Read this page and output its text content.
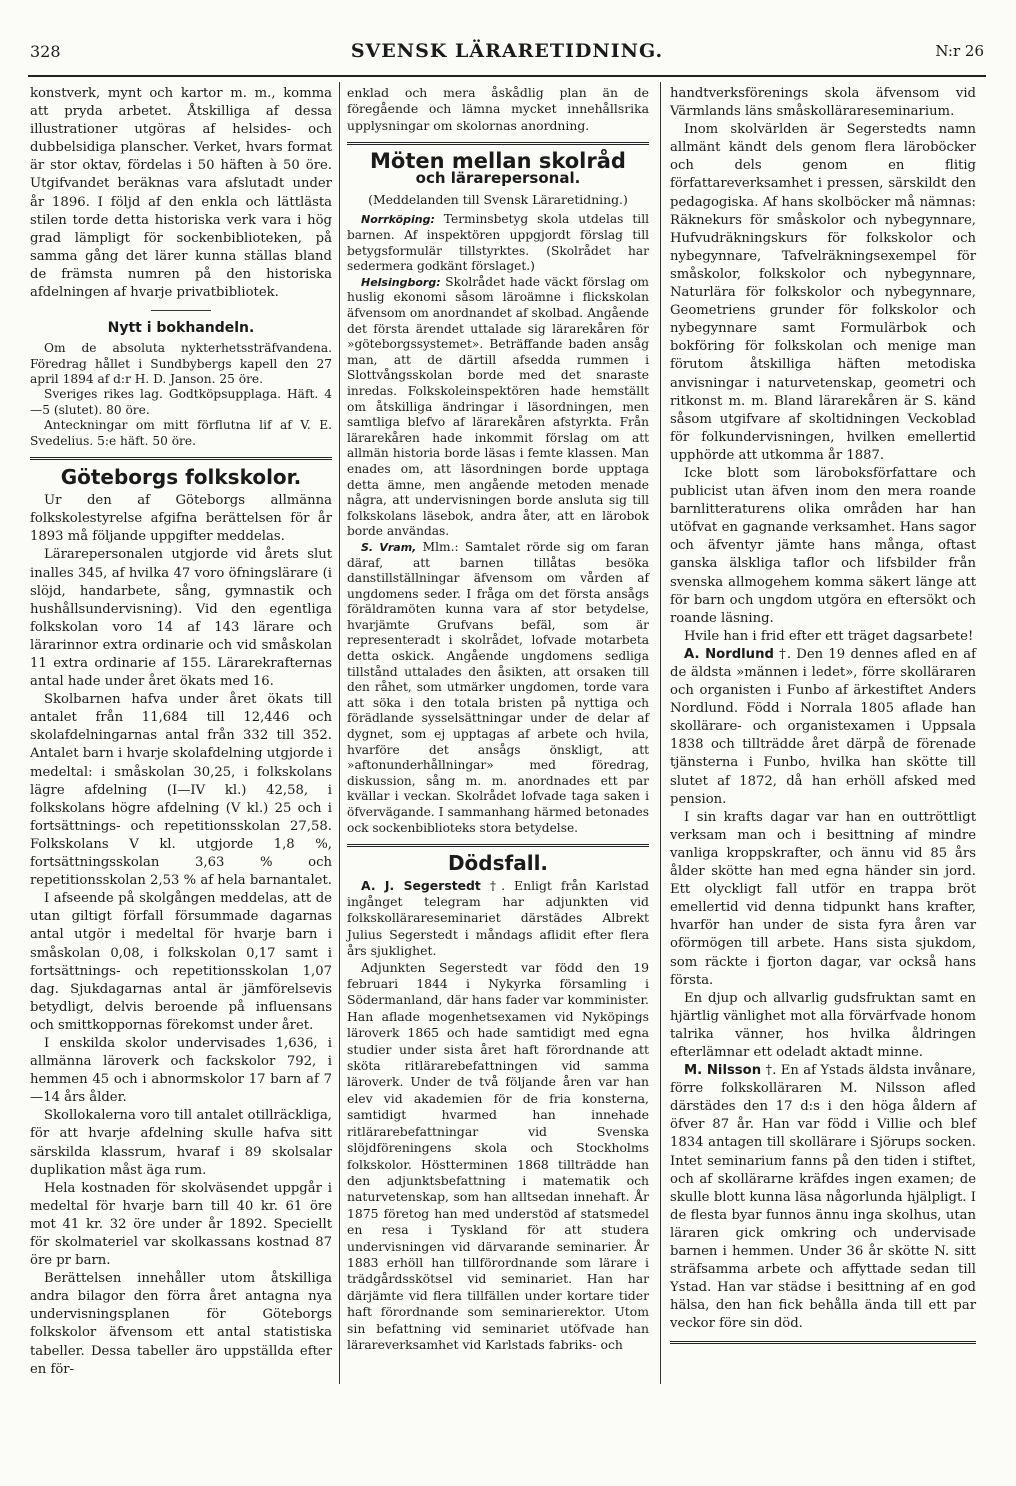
328	SVENSK LÄRARETIDNING.	N:r 26

konstverk, mynt och kartor m. m., komma att pryda arbetet. Åtskilliga af dessa illustrationer utgöras af helsides- och dubbelsidiga planscher. Verket, hvars format är stor oktav, fördelas i 50 häften à 50 öre. Utgifvandet beräknas vara afslutadt under år 1896. I följd af den enkla och lättlästa stilen torde detta historiska verk vara i hög grad lämpligt för sockenbiblioteken, på samma gång det lärer kunna ställas bland de främsta numren på den historiska afdelningen af hvarje privatbibliotek.

Nytt i bokhandeln.

Om de absoluta nykterhetssträfvandena. Föredrag hållet i Sundbybergs kapell den 27 april 1894 af d:r H. D. Janson. 25 öre.

Sveriges rikes lag. Godtköpsupplaga. Häft. 4—5 (slutet). 80 öre.

Anteckningar om mitt förflutna lif af V. E. Svedelius. 5:e häft. 50 öre.

Göteborgs folkskolor.

Ur den af Göteborgs allmänna folkskolestyrelse afgifna berättelsen för år 1893 må följande uppgifter meddelas.

Lärarepersonalen utgjorde vid årets slut inalles 345, af hvilka 47 voro öfningslärare (i slöjd, handarbete, sång, gymnastik och hushållsundervisning). Vid den egentliga folkskolan voro 14 af 143 lärare och lärarinnor extra ordinarie och vid småskolan 11 extra ordinarie af 155. Lärarekrafternas antal hade under året ökats med 16.

Skolbarnen hafva under året ökats till antalet från 11,684 till 12,446 och skolafdelningarnas antal från 332 till 352. Antalet barn i hvarje skolafdelning utgjorde i medeltal: i småskolan 30,25, i folkskolans lägre afdelning (I—IV kl.) 42,58, i folkskolans högre afdelning (V kl.) 25 och i fortsättnings- och repetitionsskolan 27,58. Folkskolans V kl. utgjorde 1,8 %, fortsättningsskolan 3,63 % och repetitionsskolan 2,53 % af hela barnantalet.

I afseende på skolgången meddelas, att de utan giltigt förfall försummade dagarnas antal utgör i medeltal för hvarje barn i småskolan 0,08, i folkskolan 0,17 samt i fortsättnings- och repetitionsskolan 1,07 dag. Sjukdagarnas antal är jämförelsevis betydligt, delvis beroende på influensans och smittkoppornas förekomst under året.

I enskilda skolor undervisades 1,636, i allmänna läroverk och fackskolor 792, i hemmen 45 och i abnormskolor 17 barn af 7—14 års ålder.

Skollokalerna voro till antalet otillräckliga, för att hvarje afdelning skulle hafva sitt särskilda klassrum, hvaraf i 89 skolsalar duplikation måst äga rum.

Hela kostnaden för skolväsendet uppgår i medeltal för hvarje barn till 40 kr. 61 öre mot 41 kr. 32 öre under år 1892. Speciellt för skolmateriel var skolkassans kostnad 87 öre pr barn.

Berättelsen innehåller utom åtskilliga andra bilagor den förra året antagna nya undervisningsplanen för Göteborgs folkskolor äfvensom ett antal statistiska tabeller. Dessa tabeller äro uppställda efter en för-

enklad och mera åskådlig plan än de föregående och lämna mycket innehållsrika upplysningar om skolornas anordning.

Möten mellan skolråd
och lärarepersonal.
(Meddelanden till Svensk Läraretidning.)

Norrköping: Terminsbetyg skola utdelas till barnen. Af inspektören uppgjordt förslag till betygsformulär tillstyrktes. (Skolrådet har sedermera godkänt förslaget.)

Helsingborg: Skolrådet hade väckt förslag om huslig ekonomi såsom läroämne i flickskolan äfvensom om anordnandet af skolbad. Angående det första ärendet uttalade sig lärarekåren för »göteborgssystemet». Beträffande baden ansåg man, att de därtill afsedda rummen i Slottvångsskolan borde med det snaraste inredas. Folkskoleinspektören hade hemställt om åtskilliga ändringar i läsordningen, men samtliga blefvo af lärarekåren afstyrkta. Från lärarekåren hade inkommit förslag om att allmän historia borde läsas i femte klassen. Man enades om, att läsordningen borde upptaga detta ämne, men angående metoden menade några, att undervisningen borde ansluta sig till folkskolans läsebok, andra åter, att en lärobok borde användas.

S. Vram, Mlm.: Samtalet rörde sig om faran däraf, att barnen tillåtas besöka danstillställningar äfvensom om vården af ungdomens seder. I fråga om det första ansågs föräldramöten kunna vara af stor betydelse, hvarjämte Grufvans befäl, som är representeradt i skolrådet, lofvade motarbeta detta oskick. Angående ungdomens sedliga tillstånd uttalades den åsikten, att orsaken till den råhet, som utmärker ungdomen, torde vara att söka i den totala bristen på nyttiga och förädlande sysselsättningar under de delar af dygnet, som ej upptagas af arbete och hvila, hvarföre det ansågs önskligt, att »aftonunderhållningar» med föredrag, diskussion, sång m. m. anordnades ett par kvällar i veckan. Skolrådet lofvade taga saken i öfvervägande. I sammanhang härmed betonades ock sockenbiblioteks stora betydelse.

Dödsfall.

A. J. Segerstedt †. Enligt från Karlstad ingånget telegram har adjunkten vid folkskollärareseminariet därstädes Albrekt Julius Segerstedt i måndags aflidit efter flera års sjuklighet.

Adjunkten Segerstedt var född den 19 februari 1844 i Nykyrka församling i Södermanland, där hans fader var komminister. Han aflade mogenhetsexamen vid Nyköpings läroverk 1865 och hade samtidigt med egna studier under sista året haft förordnande att sköta ritlärarebefattningen vid samma läroverk. Under de två följande åren var han elev vid akademien för de fria konsterna, samtidigt hvarmed han innehade ritlärarebefattningar vid Svenska slöjdföreningens skola och Stockholms folkskolor. Höstterminen 1868 tillträdde han den adjunktsbefattning i matematik och naturvetenskap, som han alltsedan innehaft. År 1875 företog han med understöd af statsmedel en resa i Tyskland för att studera undervisningen vid därvarande seminarier. År 1883 erhöll han tillförordnande som lärare i trädgårdsskötsel vid seminariet. Han har därjämte vid flera tillfällen under kortare tider haft förordnande som seminarierektor. Utom sin befattning vid seminariet utöfvade han lärareverksamhet vid Karlstads fabriks- och

handtverksförenings skola äfvensom vid Värmlands läns småskollärareseminarium.

Inom skolvärlden är Segerstedts namn allmänt kändt dels genom flera läroböcker och dels genom en flitig författareverksamhet i pressen, särskildt den pedagogiska. Af hans skolböcker må nämnas: Räknekurs för småskolor och nybegynnare, Hufvudräkningskurs för folkskolor och nybegynnare, Tafvelräkningsexempel för småskolor, folkskolor och nybegynnare, Naturlära för folkskolor och nybegynnare, Geometriens grunder för folkskolor och nybegynnare samt Formulärbok och bokföring för folkskolan och menige man förutom åtskilliga häften metodiska anvisningar i naturvetenskap, geometri och ritkonst m. m. Bland lärarekåren är S. känd såsom utgifvare af skoltidningen Veckoblad för folkundervisningen, hvilken emellertid upphörde att utkomma år 1887.

Icke blott som läroboksförfattare och publicist utan äfven inom den mera roande barnlitteraturens olika områden har han utöfvat en gagnande verksamhet. Hans sagor och äfventyr jämte hans många, oftast ganska älskliga taflor och lifsbilder från svenska allmogehem komma säkert länge att för barn och ungdom utgöra en eftersökt och roande läsning.

Hvile han i frid efter ett träget dagsarbete!

A. Nordlund †. Den 19 dennes afled en af de äldsta »männen i ledet», förre skolläraren och organisten i Funbo af ärkestiftet Anders Nordlund. Född i Norrala 1805 aflade han skollärare- och organistexamen i Uppsala 1838 och tillträdde året därpå de förenade tjänsterna i Funbo, hvilka han skötte till slutet af 1872, då han erhöll afsked med pension.

I sin krafts dagar var han en outtröttligt verksam man och i besittning af mindre vanliga kroppskrafter, och ännu vid 85 års ålder skötte han med egna händer sin jord. Ett olyckligt fall utför en trappa bröt emellertid vid denna tidpunkt hans krafter, hvarför han under de sista fyra åren var oförmögen till arbete. Hans sista sjukdom, som räckte i fjorton dagar, var också hans första.

En djup och allvarlig gudsfruktan samt en hjärtlig vänlighet mot alla förvärfvade honom talrika vänner, hos hvilka åldringen efterlämnar ett odeladt aktadt minne.

M. Nilsson †. En af Ystads äldsta invånare, förre folkskolläraren M. Nilsson afled därstädes den 17 d:s i den höga åldern af öfver 87 år. Han var född i Villie och blef 1834 antagen till skollärare i Sjörups socken. Intet seminarium fanns på den tiden i stiftet, och af skollärarne kräfdes ingen examen; de skulle blott kunna läsa någorlunda hjälpligt. I de flesta byar funnos ännu inga skolhus, utan läraren gick omkring och undervisade barnen i hemmen. Under 36 år skötte N. sitt sträfsamma arbete och affyttade sedan till Ystad. Han var städse i besittning af en god hälsa, den han fick behålla ända till ett par veckor före sin död.
